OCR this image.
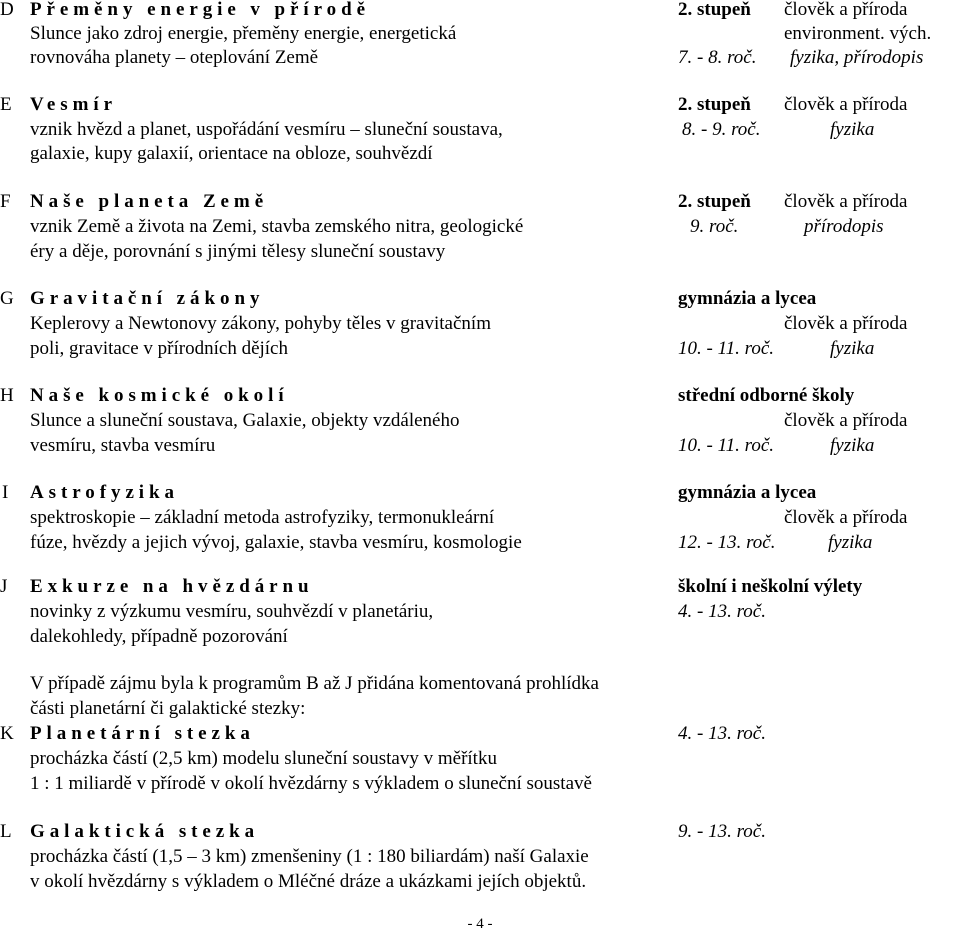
D Přeměny energie v přírodě	2. stupeň člověk a příroda
Slunce jako zdroj energie, přeměny energie, energetická	environment. vých.
rovnováha planety – oteplování Země	7. - 8. roč. fyzika, přírodopis
E Vesmír	2. stupeň člověk a příroda
vznik hvězd a planet, uspořádání vesmíru – sluneční soustava,	8. - 9. roč.	fyzika
galaxie, kupy galaxií, orientace na obloze, souhvězdí
F Naše planeta Země	2. stupeň člověk a příroda
vznik Země a života na Zemi, stavba zemského nitra, geologické	9. roč.	přírodopis
éry a děje, porovnání s jinými tělesy sluneční soustavy
G Gravitační zákony	gymnázia a lycea
Keplerovy a Newtonovy zákony, pohyby těles v gravitačním	člověk a příroda
poli, gravitace v přírodních dějích	10. - 11. roč.	fyzika
H Naše kosmické okolí	střední odborné školy
Slunce a sluneční soustava, Galaxie, objekty vzdáleného	člověk a příroda
vesmíru, stavba vesmíru	10. - 11. roč.	fyzika
I Astrofyzika	gymnázia a lycea
spektroskopie – základní metoda astrofyziky, termonukleární	člověk a příroda
fúze, hvězdy a jejich vývoj, galaxie, stavba vesmíru, kosmologie	12. - 13. roč.	fyzika
J Exkurze na hvězdárnu	školní i neškolní výlety
novinky z výzkumu vesmíru, souhvězdí v planetáriu,	4. - 13. roč.
dalekohledy, případně pozorování
V případě zájmu byla k programům B až J přidána komentovaná prohlídka
části planetární či galaktické stezky:
K Planetární stezka	4. - 13. roč.
procházka částí (2,5 km) modelu sluneční soustavy v měřítku
1 : 1 miliardě v přírodě v okolí hvězdárny s výkladem o sluneční soustavě
L Galaktická stezka	9. - 13. roč.
procházka částí (1,5 – 3 km) zmenšeniny (1 : 180 biliardám) naší Galaxie
v okolí hvězdárny s výkladem o Mléčné dráze a ukázkami jejích objektů.
- 4 -
